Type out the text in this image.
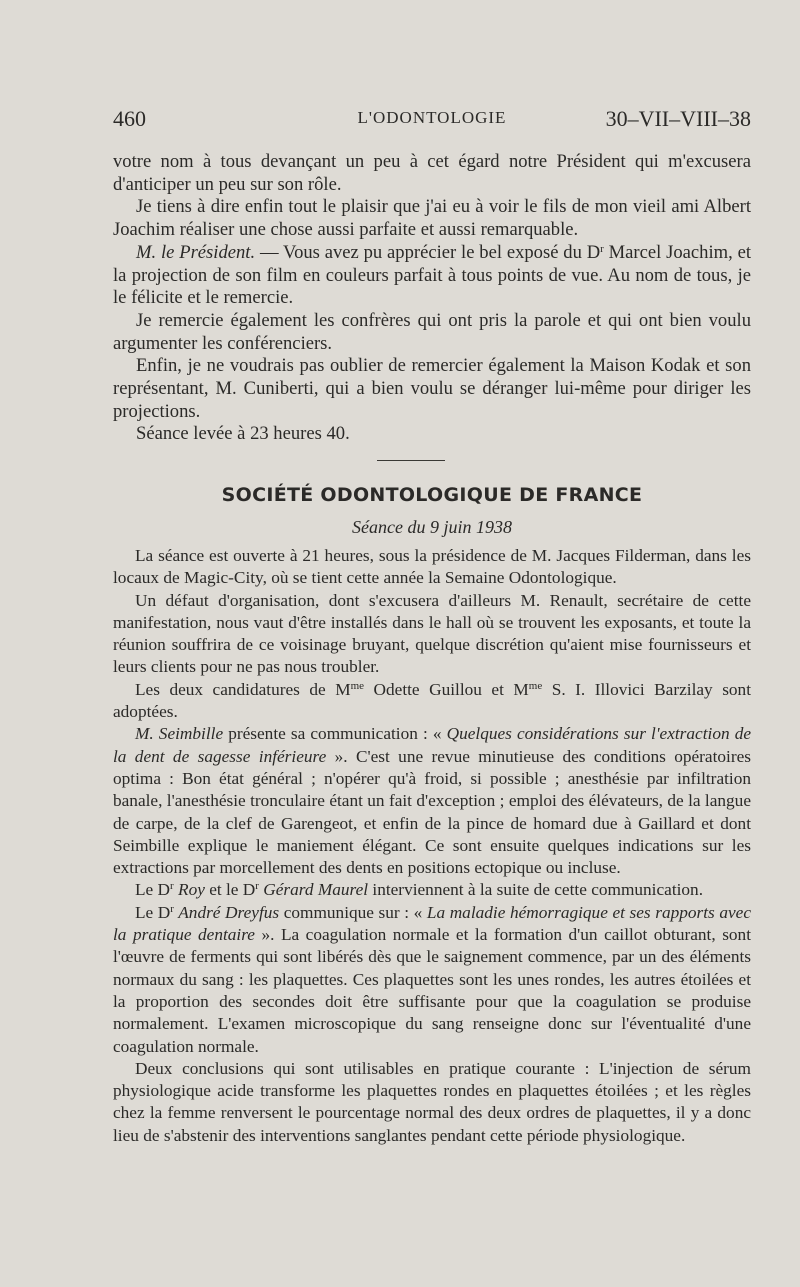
460	L'ODONTOLOGIE	30–VII–VIII–38

votre nom à tous devançant un peu à cet égard notre Président qui m'excusera d'anticiper un peu sur son rôle.

Je tiens à dire enfin tout le plaisir que j'ai eu à voir le fils de mon vieil ami Albert Joachim réaliser une chose aussi parfaite et aussi remarquable.

M. le Président. — Vous avez pu apprécier le bel exposé du $D^r$ Marcel Joachim, et la projection de son film en couleurs parfait à tous points de vue. Au nom de tous, je le félicite et le remercie.

Je remercie également les confrères qui ont pris la parole et qui ont bien voulu argumenter les conférenciers.

Enfin, je ne voudrais pas oublier de remercier également la Maison Kodak et son représentant, M. Cuniberti, qui a bien voulu se déranger lui-même pour diriger les projections.

Séance levée à 23 heures 40.

SOCIÉTÉ ODONTOLOGIQUE DE FRANCE
Séance du 9 juin 1938

La séance est ouverte à 21 heures, sous la présidence de M. Jacques Filderman, dans les locaux de Magic-City, où se tient cette année la Semaine Odontologique.

Un défaut d'organisation, dont s'excusera d'ailleurs M. Renault, secrétaire de cette manifestation, nous vaut d'être installés dans le hall où se trouvent les exposants, et toute la réunion souffrira de ce voisinage bruyant, quelque discrétion qu'aient mise fournisseurs et leurs clients pour ne pas nous troubler.

Les deux candidatures de $M^{me}$ Odette Guillou et $M^{me}$ S. I. Illovici Barzilay sont adoptées.

M. Seimbille présente sa communication : « Quelques considérations sur l'extraction de la dent de sagesse inférieure ». C'est une revue minutieuse des conditions opératoires optima : Bon état général ; n'opérer qu'à froid, si possible ; anesthésie par infiltration banale, l'anesthésie tronculaire étant un fait d'exception ; emploi des élévateurs, de la langue de carpe, de la clef de Garengeot, et enfin de la pince de homard due à Gaillard et dont Seimbille explique le maniement élégant. Ce sont ensuite quelques indications sur les extractions par morcellement des dents en positions ectopique ou incluse.

Le $D^r$ Roy et le $D^r$ Gérard Maurel interviennent à la suite de cette communication.

Le $D^r$ André Dreyfus communique sur : « La maladie hémorragique et ses rapports avec la pratique dentaire ». La coagulation normale et la formation d'un caillot obturant, sont l'œuvre de ferments qui sont libérés dès que le saignement commence, par un des éléments normaux du sang : les plaquettes. Ces plaquettes sont les unes rondes, les autres étoilées et la proportion des secondes doit être suffisante pour que la coagulation se produise normalement. L'examen microscopique du sang renseigne donc sur l'éventualité d'une coagulation normale.

Deux conclusions qui sont utilisables en pratique courante : L'injection de sérum physiologique acide transforme les plaquettes rondes en plaquettes étoilées ; et les règles chez la femme renversent le pourcentage normal des deux ordres de plaquettes, il y a donc lieu de s'abstenir des interventions sanglantes pendant cette période physiologique.
